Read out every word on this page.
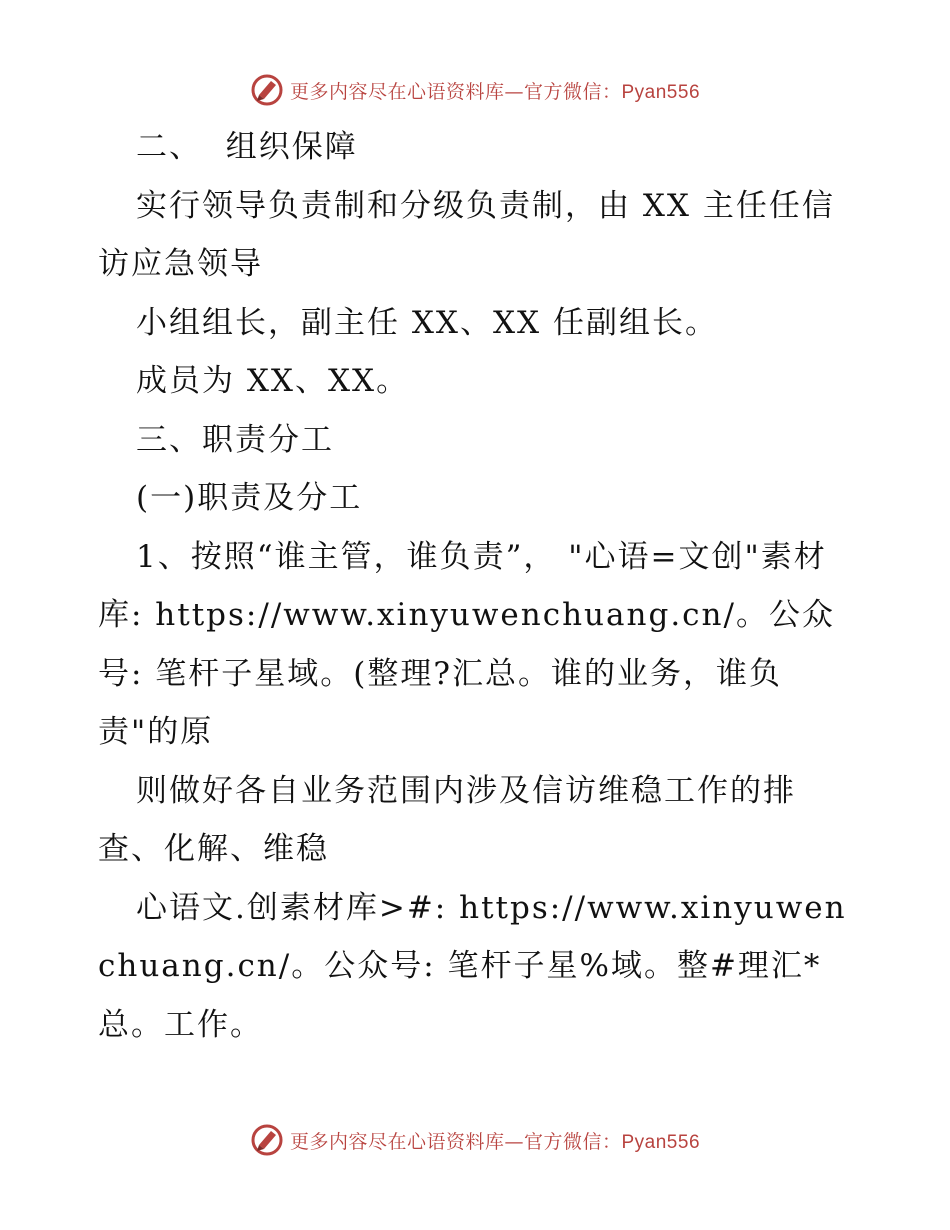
更多内容尽在心语资料库—官方微信：Pyan556

二、  组织保障

实行领导负责制和分级负责制，由 XX 主任任信访应急领导

小组组长，副主任 XX、XX 任副组长。

成员为 XX、XX。

三、职责分工

(一)职责及分工

1、按照“谁主管，谁负责”， "心语=文创"素材库: https://www.xinyuwenchuang.cn/。公众号: 笔杆子星域。(整理?汇总。谁的业务，谁负责"的原

则做好各自业务范围内涉及信访维稳工作的排查、化解、维稳

心语文.创素材库>#: https://www.xinyuwenchuang.cn/。公众号: 笔杆子星%域。整#理汇*总。工作。

更多内容尽在心语资料库—官方微信：Pyan556
